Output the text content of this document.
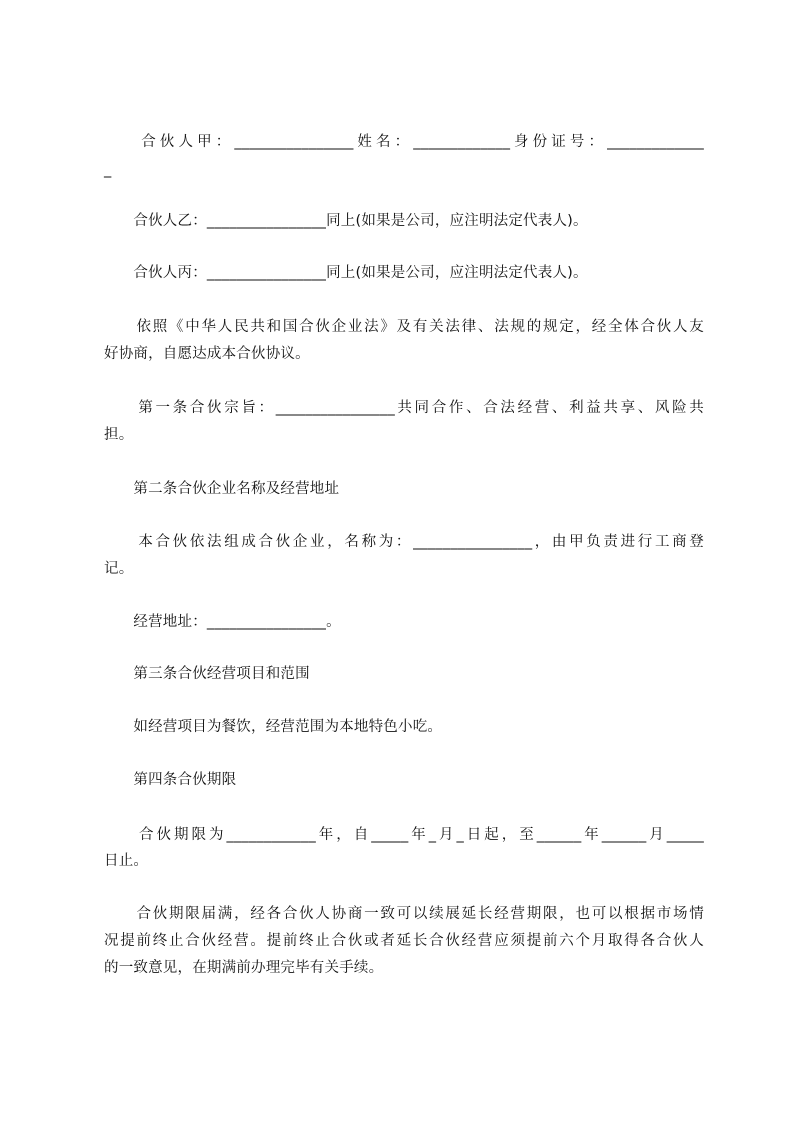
　　合伙人甲：________________姓名：_____________身份证号：_____________
_
　　合伙人乙：________________同上(如果是公司，应注明法定代表人)。
　　合伙人丙：________________同上(如果是公司，应注明法定代表人)。
　　依照《中华人民共和国合伙企业法》及有关法律、法规的规定，经全体合伙人友
好协商，自愿达成本合伙协议。
　　第一条合伙宗旨：________________共同合作、合法经营、利益共享、风险共
担。
　　第二条合伙企业名称及经营地址
　　本合伙依法组成合伙企业，名称为：________________，由甲负责进行工商登
记。
　　经营地址：________________。
　　第三条合伙经营项目和范围
　　如经营项目为餐饮，经营范围为本地特色小吃。
　　第四条合伙期限
　　合伙期限为____________年，自_____年_月_日起，至______年______月_____
日止。
　　合伙期限届满，经各合伙人协商一致可以续展延长经营期限，也可以根据市场情
况提前终止合伙经营。提前终止合伙或者延长合伙经营应须提前六个月取得各合伙人
的一致意见，在期满前办理完毕有关手续。
